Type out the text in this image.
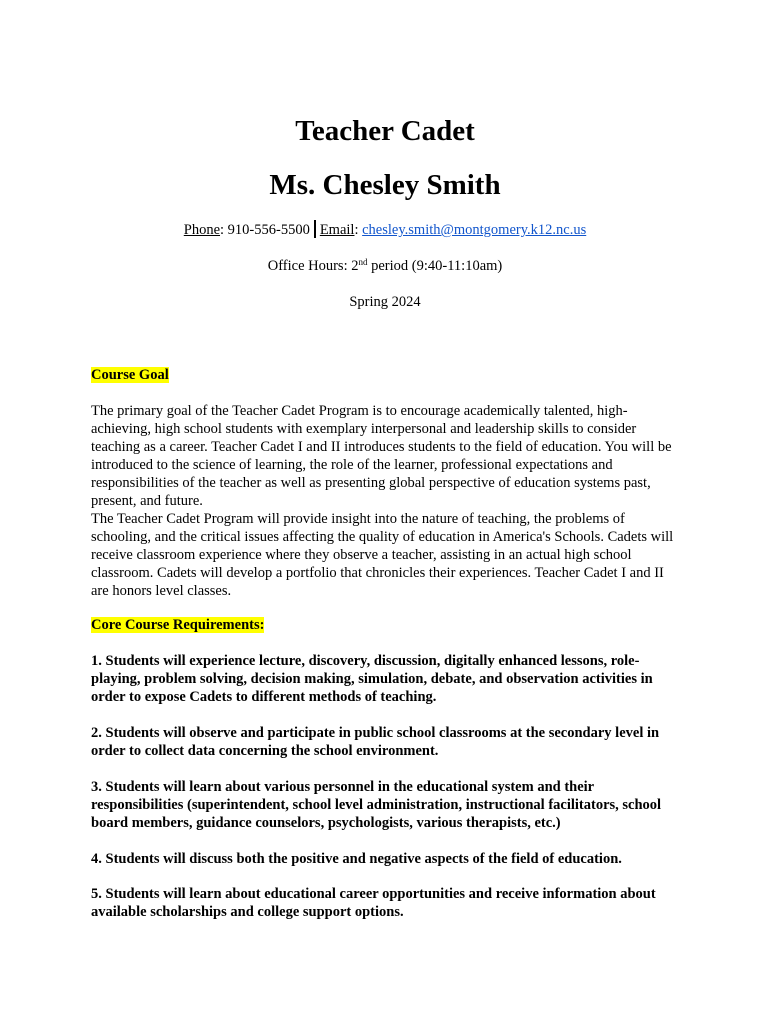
Teacher Cadet
Ms. Chesley Smith
Phone: 910-556-5500 Email: chesley.smith@montgomery.k12.nc.us
Office Hours: 2nd period (9:40-11:10am)
Spring 2024
Course Goal

The primary goal of the Teacher Cadet Program is to encourage academically talented, high-achieving, high school students with exemplary interpersonal and leadership skills to consider teaching as a career. Teacher Cadet I and II introduces students to the field of education. You will be introduced to the science of learning, the role of the learner, professional expectations and responsibilities of the teacher as well as presenting global perspective of education systems past, present, and future.

The Teacher Cadet Program will provide insight into the nature of teaching, the problems of schooling, and the critical issues affecting the quality of education in America's Schools. Cadets will receive classroom experience where they observe a teacher, assisting in an actual high school classroom. Cadets will develop a portfolio that chronicles their experiences. Teacher Cadet I and II are honors level classes.

Core Course Requirements:

1. Students will experience lecture, discovery, discussion, digitally enhanced lessons, role-playing, problem solving, decision making, simulation, debate, and observation activities in order to expose Cadets to different methods of teaching.

2. Students will observe and participate in public school classrooms at the secondary level in order to collect data concerning the school environment.

3. Students will learn about various personnel in the educational system and their responsibilities (superintendent, school level administration, instructional facilitators, school board members, guidance counselors, psychologists, various therapists, etc.)

4. Students will discuss both the positive and negative aspects of the field of education.

5. Students will learn about educational career opportunities and receive information about available scholarships and college support options.
